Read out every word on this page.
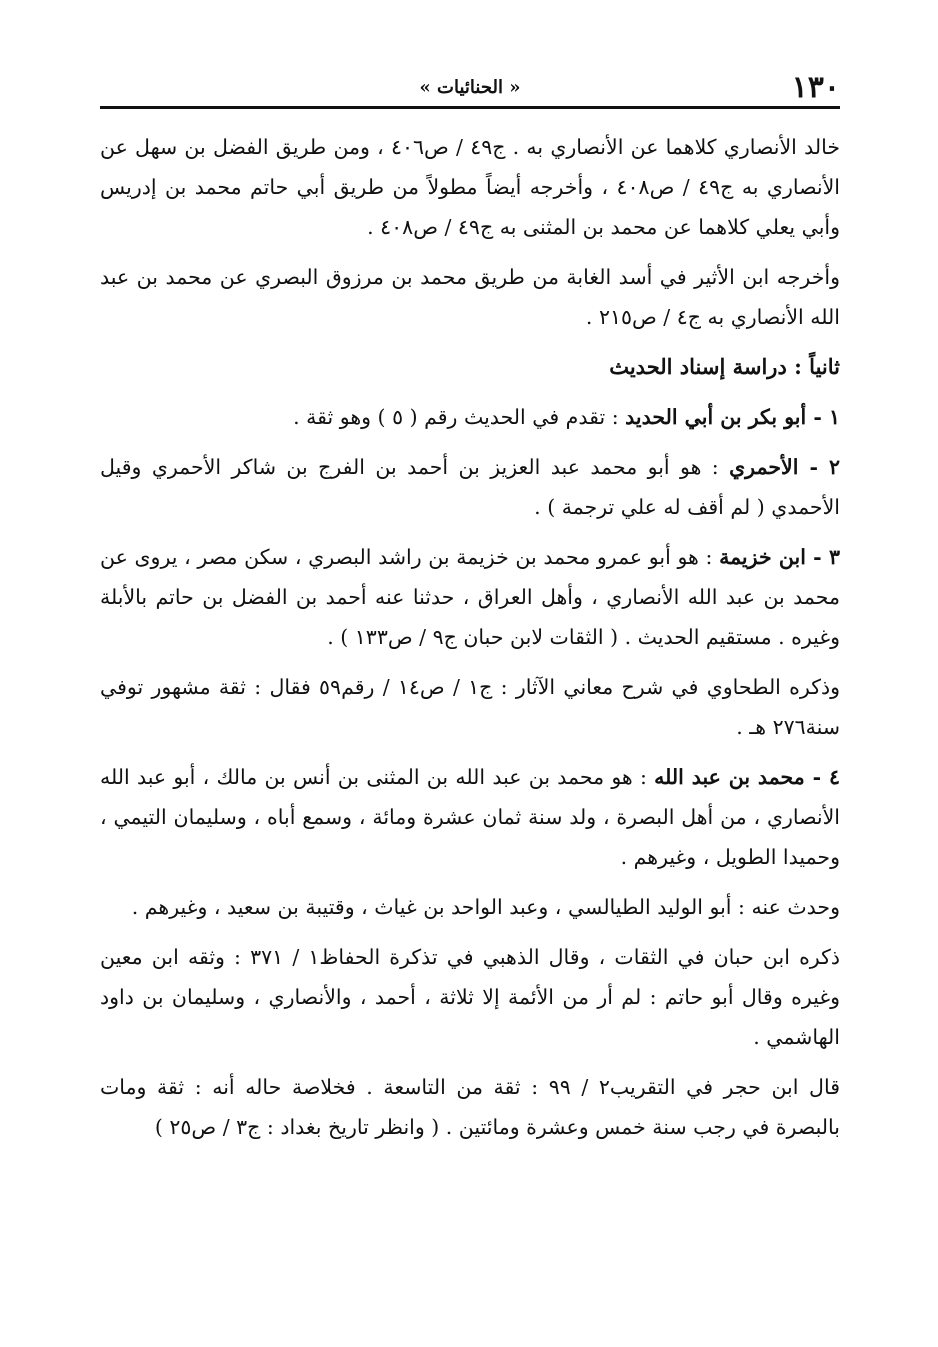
١٣٠
« الحنائيات »

خالد الأنصاري كلاهما عن الأنصاري به . ج٤٩ / ص٤٠٦ ، ومن طريق الفضل بن سهل عن الأنصاري به ج٤٩ / ص٤٠٨ ، وأخرجه أيضاً مطولاً من طريق أبي حاتم محمد بن إدريس وأبي يعلي كلاهما عن محمد بن المثنى به ج٤٩ / ص٤٠٨ .

وأخرجه ابن الأثير في أسد الغابة من طريق محمد بن مرزوق البصري عن محمد بن عبد الله الأنصاري به ج٤ / ص٢١٥ .

ثانياً : دراسة إسناد الحديث

١ - أبو بكر بن أبي الحديد : تقدم في الحديث رقم ( ٥ ) وهو ثقة .

٢ - الأحمري : هو أبو محمد عبد العزيز بن أحمد بن الفرج بن شاكر الأحمري وقيل الأحمدي ( لم أقف له علي ترجمة ) .

٣ - ابن خزيمة : هو أبو عمرو محمد بن خزيمة بن راشد البصري ، سكن مصر ، يروى عن محمد بن عبد الله الأنصاري ، وأهل العراق ، حدثنا عنه أحمد بن الفضل بن حاتم بالأبلة وغيره . مستقيم الحديث . ( الثقات لابن حبان ج٩ / ص١٣٣ ) .

وذكره الطحاوي في شرح معاني الآثار : ج١ / ص١٤ / رقم٥٩ فقال : ثقة مشهور توفي سنة٢٧٦ هـ .

٤ - محمد بن عبد الله : هو محمد بن عبد الله بن المثنى بن أنس بن مالك ، أبو عبد الله الأنصاري ، من أهل البصرة ، ولد سنة ثمان عشرة ومائة ، وسمع أباه ، وسليمان التيمي ، وحميدا الطويل ، وغيرهم .

وحدث عنه : أبو الوليد الطيالسي ، وعبد الواحد بن غياث ، وقتيبة بن سعيد ، وغيرهم .

ذكره ابن حبان في الثقات ، وقال الذهبي في تذكرة الحفاظ١ / ٣٧١ : وثقه ابن معين وغيره وقال أبو حاتم : لم أر من الأئمة إلا ثلاثة ، أحمد ، والأنصاري ، وسليمان بن داود الهاشمي .

قال ابن حجر في التقريب٢ / ٩٩ : ثقة من التاسعة . فخلاصة حاله أنه : ثقة ومات بالبصرة في رجب سنة خمس وعشرة ومائتين . ( وانظر تاريخ بغداد : ج٣ / ص٢٥ )
